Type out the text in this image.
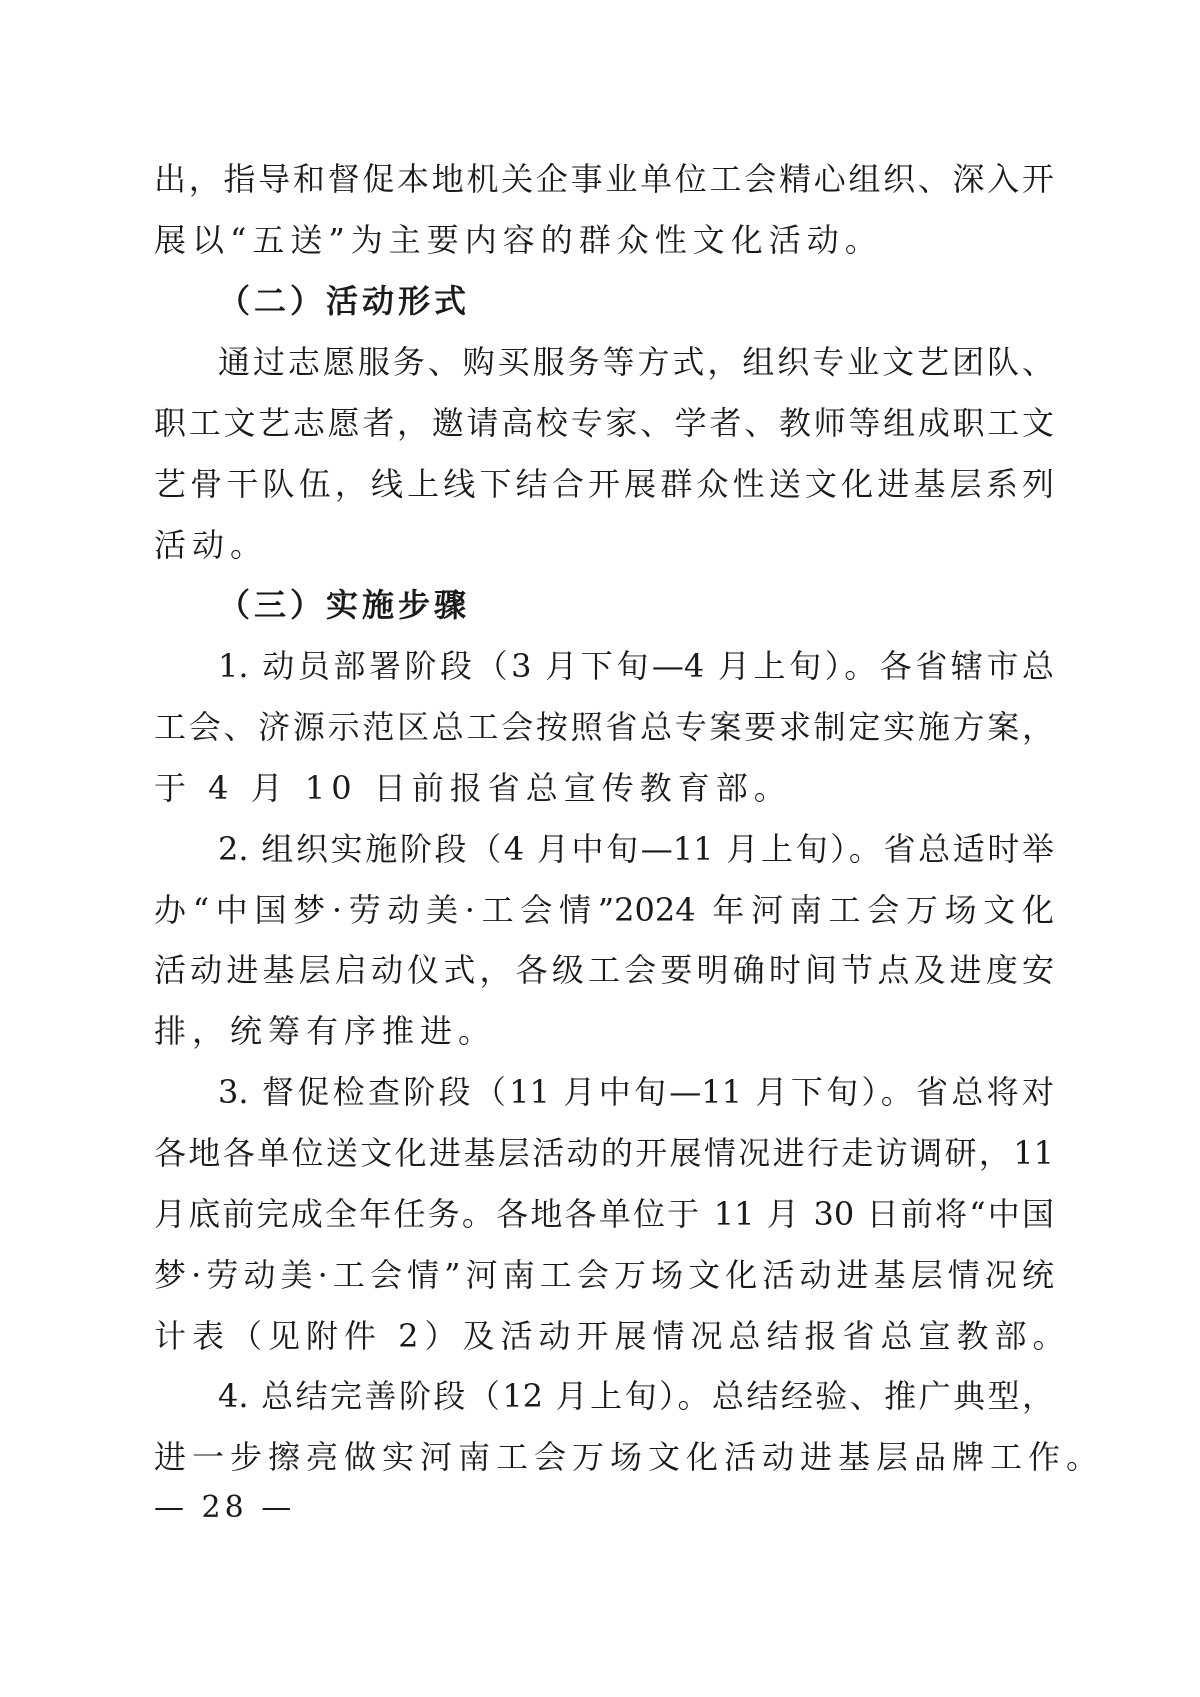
出，指导和督促本地机关企事业单位工会精心组织、深入开
展以“五送”为主要内容的群众性文化活动。
（二）活动形式
通过志愿服务、购买服务等方式，组织专业文艺团队、
职工文艺志愿者，邀请高校专家、学者、教师等组成职工文
艺骨干队伍，线上线下结合开展群众性送文化进基层系列
活动。
（三）实施步骤
1. 动员部署阶段（3 月下旬—4 月上旬）。各省辖市总
工会、济源示范区总工会按照省总专案要求制定实施方案，
于 4 月 10 日前报省总宣传教育部。
2. 组织实施阶段（4 月中旬—11 月上旬）。省总适时举
办“中国梦·劳动美·工会情”2024 年河南工会万场文化
活动进基层启动仪式，各级工会要明确时间节点及进度安
排，统筹有序推进。
3. 督促检查阶段（11 月中旬—11 月下旬）。省总将对
各地各单位送文化进基层活动的开展情况进行走访调研，11
月底前完成全年任务。各地各单位于 11 月 30 日前将“中国
梦·劳动美·工会情”河南工会万场文化活动进基层情况统
计表（见附件 2）及活动开展情况总结报省总宣教部。
4. 总结完善阶段（12 月上旬）。总结经验、推广典型，
进一步擦亮做实河南工会万场文化活动进基层品牌工作。
— 28 —
